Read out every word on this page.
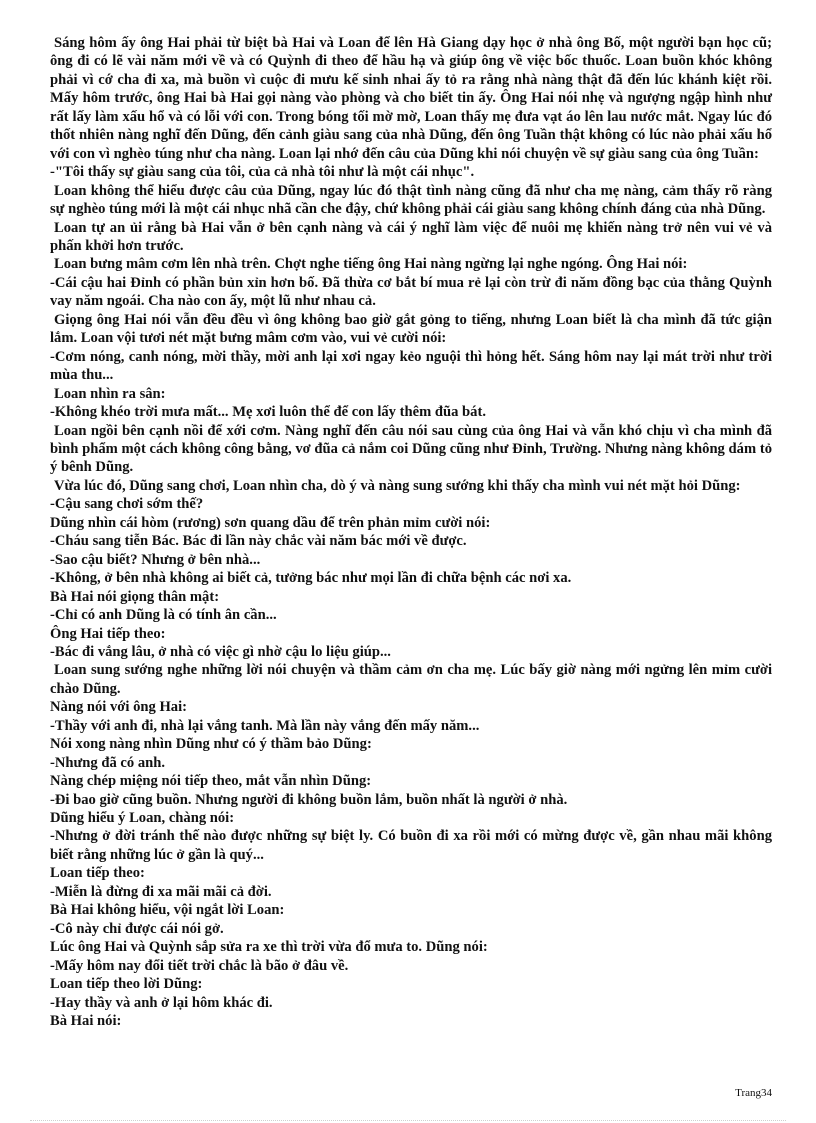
Sáng hôm ấy ông Hai phải từ biệt bà Hai và Loan để lên Hà Giang dạy học ở nhà ông Bố, một người bạn học cũ; ông đi có lẽ vài năm mới về và có Quỳnh đi theo để hầu hạ và giúp ông về việc bốc thuốc. Loan buồn khóc không phải vì cớ cha đi xa, mà buồn vì cuộc đi mưu kế sinh nhai ấy tỏ ra rằng nhà nàng thật đã đến lúc khánh kiệt rồi. Mấy hôm trước, ông Hai bà Hai gọi nàng vào phòng và cho biết tin ấy. Ông Hai nói nhẹ và ngượng ngập hình như rất lấy làm xấu hổ và có lỗi với con. Trong bóng tối mờ mờ, Loan thấy mẹ đưa vạt áo lên lau nước mắt. Ngay lúc đó thốt nhiên nàng nghĩ đến Dũng, đến cảnh giàu sang của nhà Dũng, đến ông Tuần thật không có lúc nào phải xấu hổ với con vì nghèo túng như cha nàng. Loan lại nhớ đến câu của Dũng khi nói chuyện về sự giàu sang của ông Tuần:

-"Tôi thấy sự giàu sang của tôi, của cả nhà tôi như là một cái nhục".

Loan không thể hiểu được câu của Dũng, ngay lúc đó thật tình nàng cũng đã như cha mẹ nàng, cảm thấy rõ ràng sự nghèo túng mới là một cái nhục nhã cần che đậy, chứ không phải cái giàu sang không chính đáng của nhà Dũng.

Loan tự an ủi rằng bà Hai vẫn ở bên cạnh nàng và cái ý nghĩ làm việc để nuôi mẹ khiến nàng trở nên vui vẻ và phấn khởi hơn trước.

Loan bưng mâm cơm lên nhà trên. Chợt nghe tiếng ông Hai nàng ngừng lại nghe ngóng. Ông Hai nói:

-Cái cậu hai Đỉnh có phần bủn xỉn hơn bố. Đã thừa cơ bắt bí mua rẻ lại còn trừ đi năm đồng bạc của thằng Quỳnh vay năm ngoái. Cha nào con ấy, một lũ như nhau cả.

Giọng ông Hai nói vẫn đều đều vì ông không bao giờ gắt gỏng to tiếng, nhưng Loan biết là cha mình đã tức giận lắm. Loan vội tươi nét mặt bưng mâm cơm vào, vui vẻ cười nói:

-Cơm nóng, canh nóng, mời thầy, mời anh lại xơi ngay kẻo nguội thì hỏng hết. Sáng hôm nay lại mát trời như trời mùa thu...

Loan nhìn ra sân:

-Không khéo trời mưa mất... Mẹ xơi luôn thể để con lấy thêm đũa bát.

Loan ngồi bên cạnh nồi để xới cơm. Nàng nghĩ đến câu nói sau cùng của ông Hai và vẫn khó chịu vì cha mình đã bình phẩm một cách không công bằng, vơ đũa cả nắm coi Dũng cũng như Đỉnh, Trường. Nhưng nàng không dám tỏ ý bênh Dũng.

Vừa lúc đó, Dũng sang chơi, Loan nhìn cha, dò ý và nàng sung sướng khi thấy cha mình vui nét mặt hỏi Dũng:

-Cậu sang chơi sớm thế?

Dũng nhìn cái hòm (rương) sơn quang dầu để trên phản mỉm cười nói:

-Cháu sang tiễn Bác. Bác đi lần này chắc vài năm bác mới về được.

-Sao cậu biết? Nhưng ở bên nhà...

-Không, ở bên nhà không ai biết cả, tưởng bác như mọi lần đi chữa bệnh các nơi xa.

Bà Hai nói giọng thân mật:

-Chỉ có anh Dũng là có tính ân cần...

Ông Hai tiếp theo:

-Bác đi vắng lâu, ở nhà có việc gì nhờ cậu lo liệu giúp...

Loan sung sướng nghe những lời nói chuyện và thầm cảm ơn cha mẹ. Lúc bấy giờ nàng mới ngửng lên mỉm cười chào Dũng.

Nàng nói với ông Hai:

-Thầy với anh đi, nhà lại vắng tanh. Mà lần này vắng đến mấy năm...

Nói xong nàng nhìn Dũng như có ý thầm bảo Dũng:

-Nhưng đã có anh.

Nàng chép miệng nói tiếp theo, mắt vẫn nhìn Dũng:

-Đi bao giờ cũng buồn. Nhưng người đi không buồn lắm, buồn nhất là người ở nhà.

Dũng hiểu ý Loan, chàng nói:

-Nhưng ở đời tránh thế nào được những sự biệt ly. Có buồn đi xa rồi mới có mừng được về, gần nhau mãi không biết rằng những lúc ở gần là quý...

Loan tiếp theo:

-Miễn là đừng đi xa mãi mãi cả đời.

Bà Hai không hiểu, vội ngắt lời Loan:

-Cô này chỉ được cái nói gở.

Lúc ông Hai và Quỳnh sắp sửa ra xe thì trời vừa đổ mưa to. Dũng nói:

-Mấy hôm nay đổi tiết trời chắc là bão ở đâu về.

Loan tiếp theo lời Dũng:

-Hay thầy và anh ở lại hôm khác đi.

Bà Hai nói:

Trang34
